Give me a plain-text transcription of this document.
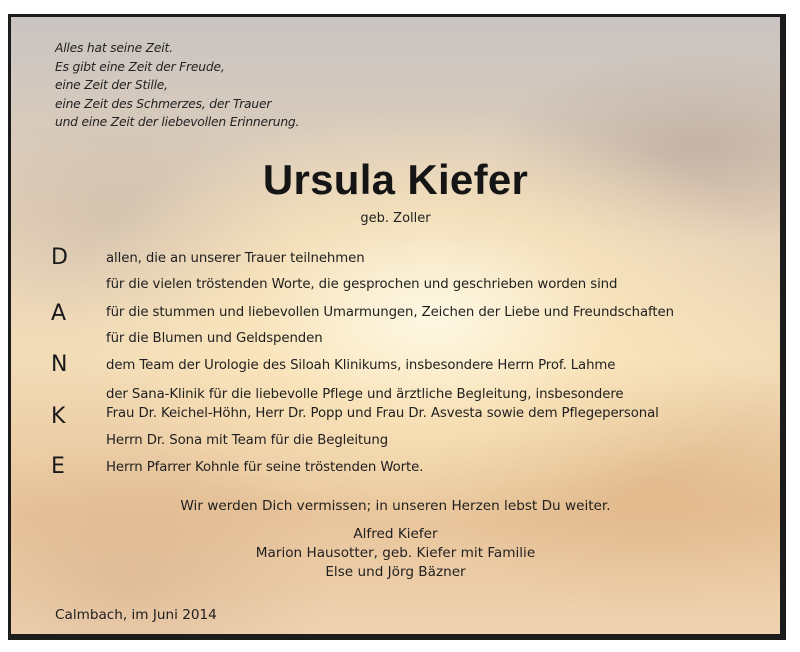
Alles hat seine Zeit.
Es gibt eine Zeit der Freude,
eine Zeit der Stille,
eine Zeit des Schmerzes, der Trauer
und eine Zeit der liebevollen Erinnerung.
Ursula Kiefer
geb. Zoller
D
A
N
K
E
allen, die an unserer Trauer teilnehmen
für die vielen tröstenden Worte, die gesprochen und geschrieben worden sind
für die stummen und liebevollen Umarmungen, Zeichen der Liebe und Freundschaften
für die Blumen und Geldspenden
dem Team der Urologie des Siloah Klinikums, insbesondere Herrn Prof. Lahme
der Sana-Klinik für die liebevolle Pflege und ärztliche Begleitung, insbesondere
Frau Dr. Keichel-Höhn, Herr Dr. Popp und Frau Dr. Asvesta sowie dem Pflegepersonal
Herrn Dr. Sona mit Team für die Begleitung
Herrn Pfarrer Kohnle für seine tröstenden Worte.
Wir werden Dich vermissen; in unseren Herzen lebst Du weiter.
Alfred Kiefer
Marion Hausotter, geb. Kiefer mit Familie
Else und Jörg Bäzner
Calmbach, im Juni 2014
